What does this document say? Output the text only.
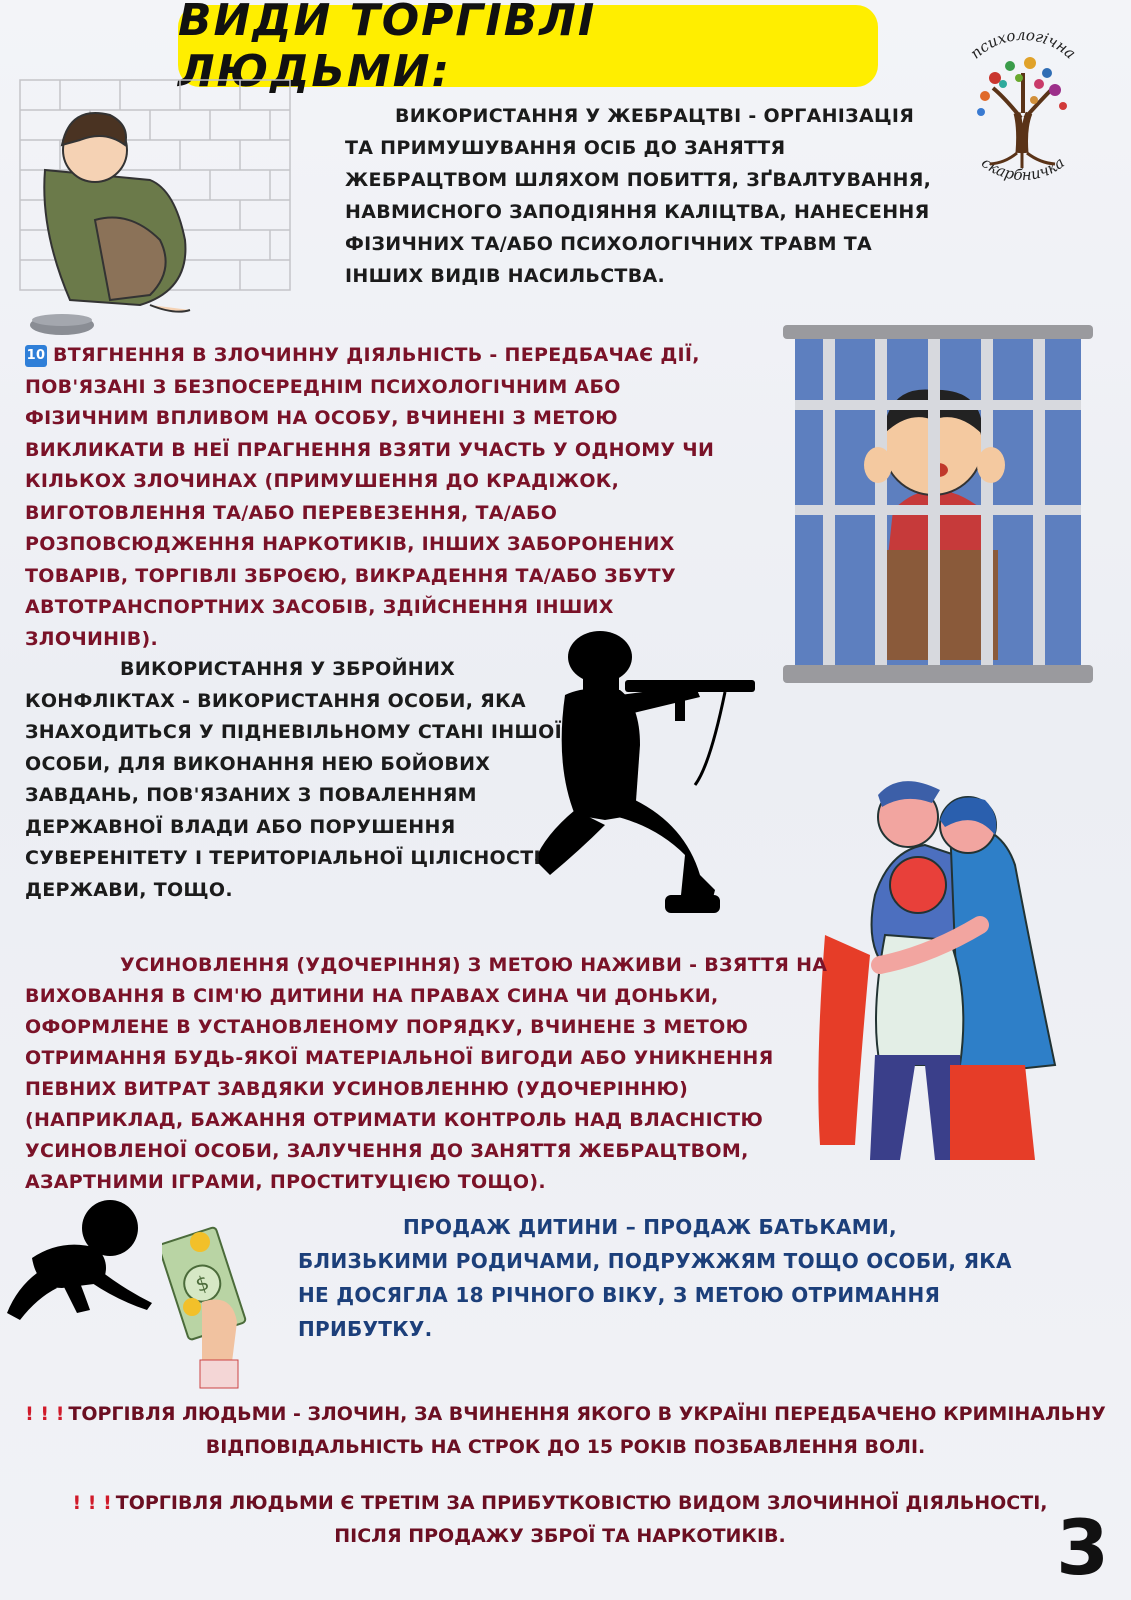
ВИДИ ТОРГІВЛІ ЛЮДЬМИ:	психологічна
скарбничка
$

ВИКОРИСТАННЯ У ЖЕБРАЦТВІ - ОРГАНІЗАЦІЯ ТА ПРИМУШУВАННЯ ОСІБ ДО ЗАНЯТТЯ ЖЕБРАЦТВОМ ШЛЯХОМ ПОБИТТЯ, ЗҐВАЛТУВАННЯ, НАВМИСНОГО ЗАПОДІЯННЯ КАЛІЦТВА, НАНЕСЕННЯ ФІЗИЧНИХ ТА/АБО ПСИХОЛОГІЧНИХ ТРАВМ ТА ІНШИХ ВИДІВ НАСИЛЬСТВА.

10 ВТЯГНЕННЯ В ЗЛОЧИННУ ДІЯЛЬНІСТЬ - ПЕРЕДБАЧАЄ ДІЇ, ПОВ'ЯЗАНІ З БЕЗПОСЕРЕДНІМ ПСИХОЛОГІЧНИМ АБО ФІЗИЧНИМ ВПЛИВОМ НА ОСОБУ, ВЧИНЕНІ З МЕТОЮ ВИКЛИКАТИ В НЕЇ ПРАГНЕННЯ ВЗЯТИ УЧАСТЬ У ОДНОМУ ЧИ КІЛЬКОХ ЗЛОЧИНАХ (ПРИМУШЕННЯ ДО КРАДІЖОК, ВИГОТОВЛЕННЯ ТА/АБО ПЕРЕВЕЗЕННЯ, ТА/АБО РОЗПОВСЮДЖЕННЯ НАРКОТИКІВ, ІНШИХ ЗАБОРОНЕНИХ ТОВАРІВ, ТОРГІВЛІ ЗБРОЄЮ, ВИКРАДЕННЯ ТА/АБО ЗБУТУ АВТОТРАНСПОРТНИХ ЗАСОБІВ, ЗДІЙСНЕННЯ ІНШИХ ЗЛОЧИНІВ).

ВИКОРИСТАННЯ У ЗБРОЙНИХ КОНФЛІКТАХ - ВИКОРИСТАННЯ ОСОБИ, ЯКА ЗНАХОДИТЬСЯ У ПІДНЕВІЛЬНОМУ СТАНІ ІНШОЇ ОСОБИ, ДЛЯ ВИКОНАННЯ НЕЮ БОЙОВИХ ЗАВДАНЬ, ПОВ'ЯЗАНИХ З ПОВАЛЕННЯМ ДЕРЖАВНОЇ ВЛАДИ АБО ПОРУШЕННЯ СУВЕРЕНІТЕТУ І ТЕРИТОРІАЛЬНОЇ ЦІЛІСНОСТІ ДЕРЖАВИ, ТОЩО.

УСИНОВЛЕННЯ (УДОЧЕРІННЯ) З МЕТОЮ НАЖИВИ - ВЗЯТТЯ НА ВИХОВАННЯ В СІМ'Ю ДИТИНИ НА ПРАВАХ СИНА ЧИ ДОНЬКИ, ОФОРМЛЕНЕ В УСТАНОВЛЕНОМУ ПОРЯДКУ, ВЧИНЕНЕ З МЕТОЮ ОТРИМАННЯ БУДЬ-ЯКОЇ МАТЕРІАЛЬНОЇ ВИГОДИ АБО УНИКНЕННЯ ПЕВНИХ ВИТРАТ ЗАВДЯКИ УСИНОВЛЕННЮ (УДОЧЕРІННЮ) (НАПРИКЛАД, БАЖАННЯ ОТРИМАТИ КОНТРОЛЬ НАД ВЛАСНІСТЮ УСИНОВЛЕНОЇ ОСОБИ, ЗАЛУЧЕННЯ ДО ЗАНЯТТЯ ЖЕБРАЦТВОМ, АЗАРТНИМИ ІГРАМИ, ПРОСТИТУЦІЄЮ ТОЩО).

ПРОДАЖ ДИТИНИ – ПРОДАЖ БАТЬКАМИ, БЛИЗЬКИМИ РОДИЧАМИ, ПОДРУЖЖЯМ ТОЩО ОСОБИ, ЯКА НЕ ДОСЯГЛА 18 РІЧНОГО ВІКУ, З МЕТОЮ ОТРИМАННЯ ПРИБУТКУ.

! ! ! ТОРГІВЛЯ ЛЮДЬМИ - ЗЛОЧИН, ЗА ВЧИНЕННЯ ЯКОГО В УКРАЇНІ ПЕРЕДБАЧЕНО КРИМІНАЛЬНУ ВІДПОВІДАЛЬНІСТЬ НА СТРОК ДО 15 РОКІВ ПОЗБАВЛЕННЯ ВОЛІ.

! ! ! ТОРГІВЛЯ ЛЮДЬМИ Є ТРЕТІМ ЗА ПРИБУТКОВІСТЮ ВИДОМ ЗЛОЧИННОЇ ДІЯЛЬНОСТІ, ПІСЛЯ ПРОДАЖУ ЗБРОЇ ТА НАРКОТИКІВ.	3
